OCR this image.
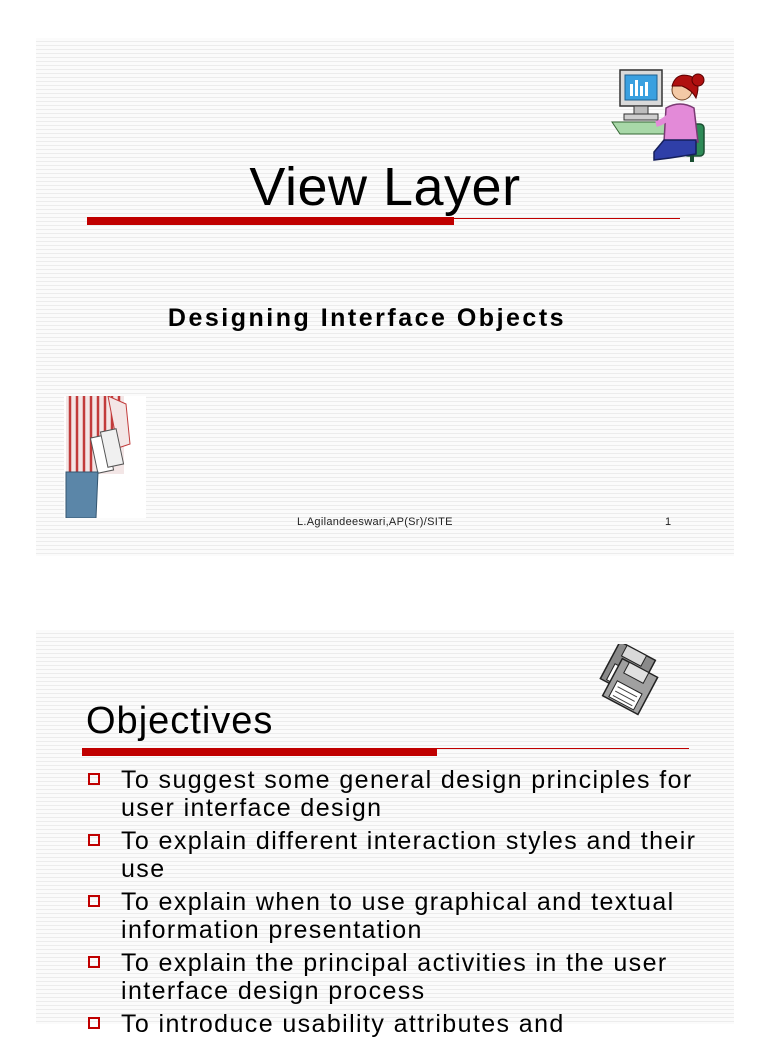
View Layer
Designing Interface Objects
L.Agilandeeswari,AP(Sr)/SITE	1
Objectives
To suggest some general design principles for user interface design
To explain different interaction styles and their use
To explain when to use graphical and textual information presentation
To explain the principal activities in the user interface design process
To introduce usability attributes and
